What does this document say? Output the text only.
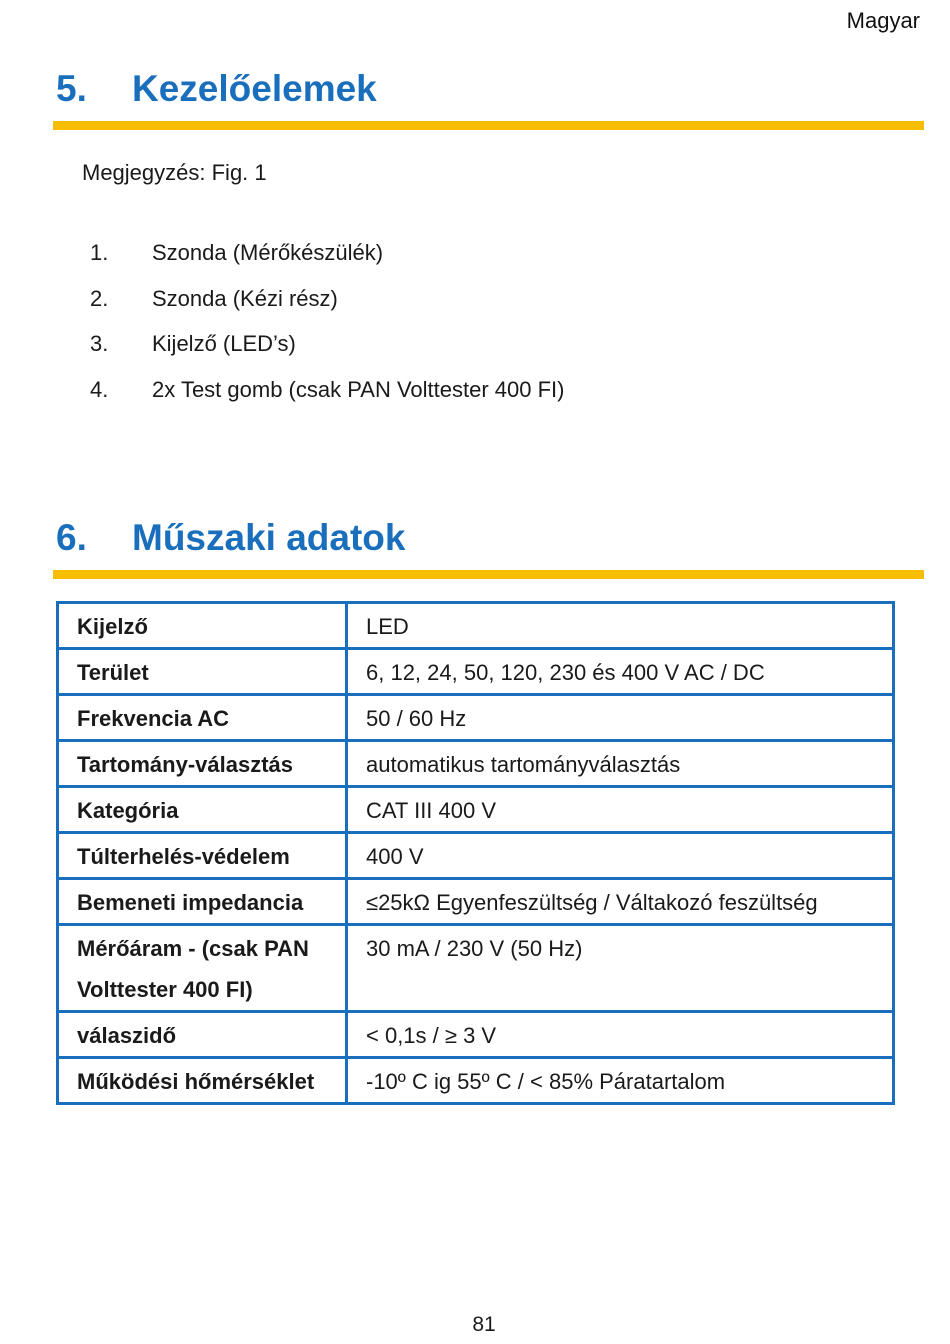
Magyar
5. Kezelőelemek
Megjegyzés: Fig. 1
1. Szonda (Mérőkészülék)
2. Szonda (Kézi rész)
3. Kijelző (LED’s)
4. 2x Test gomb (csak PAN Volttester 400 FI)
6. Műszaki adatok
Kijelző	LED
Terület	6, 12, 24, 50, 120, 230 és 400 V AC / DC
Frekvencia AC	50 / 60 Hz
Tartomány-választás	automatikus tartományválasztás
Kategória	CAT III 400 V
Túlterhelés-védelem	400 V
Bemeneti impedancia	≤25kΩ Egyenfeszültség / Váltakozó feszültség
Mérőáram - (csak PAN Volttester 400 FI)	30 mA / 230 V (50 Hz)
válaszidő	< 0,1s / ≥ 3 V
Működési hőmérséklet	-10º C ig 55º C / < 85% Páratartalom
81
